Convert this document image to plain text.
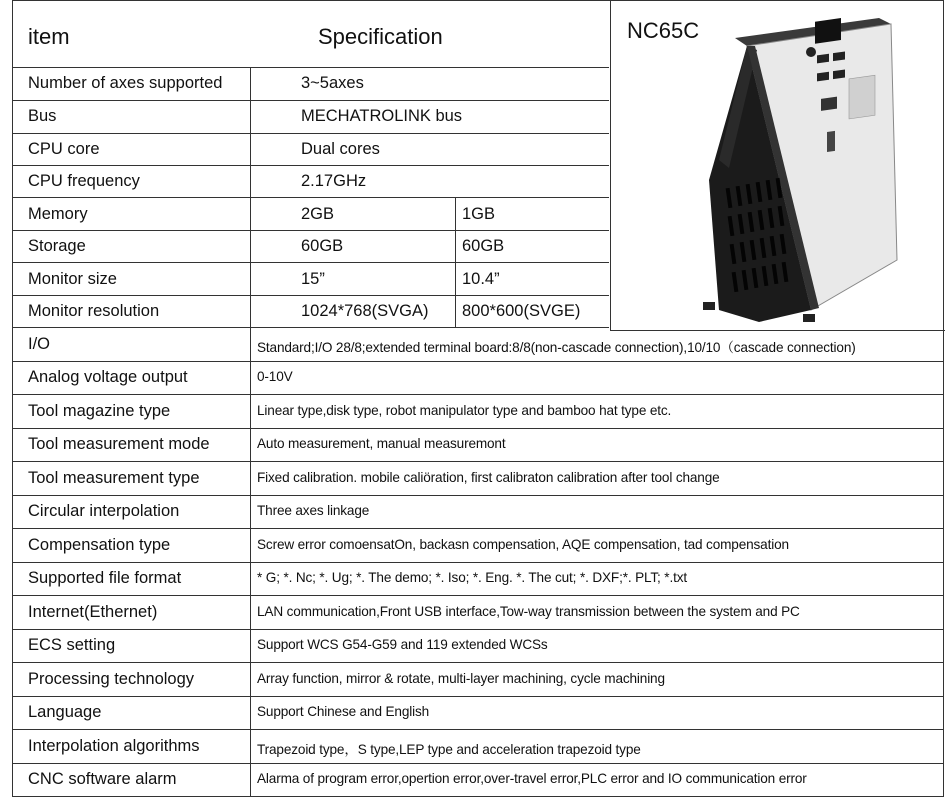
item	Specification	NC65C
Number of axes supported	3~5axes
Bus	MECHATROLINK bus
CPU core	Dual cores
CPU frequency	2.17GHz
Memory	2GB	1GB
Storage	60GB	60GB
Monitor size	15”	10.4”
Monitor resolution	1024*768(SVGA) 800*600(SVGE)
I/O	Standard;I/O 28/8;extended terminal board:8/8(non-cascade connection),10/10（cascade connection)
Analog voltage output	0-10V
Tool magazine type	Linear type,disk type, robot manipulator type and bamboo hat type etc.
Tool measurement mode	Auto measurement, manual measuremont
Tool measurement type	Fixed calibration. mobile caliöration, first calibraton calibration after tool change
Circular interpolation	Three axes linkage
Compensation type	Screw error comoensatOn, backasn compensation, AQE compensation, tad compensation
Supported file format	* G; *. Nc; *. Ug; *. The demo; *. Iso; *. Eng. *. The cut; *. DXF;*. PLT; *.txt
Internet(Ethernet)	LAN communication,Front USB interface,Tow-way transmission between the system and PC
ECS setting	Support WCS G54-G59 and 119 extended WCSs
Processing technology	Array function, mirror & rotate, multi-layer machining, cycle machining
Language	Support Chinese and English
Interpolation algorithms	Trapezoid type，S type,LEP type and acceleration trapezoid type
CNC software alarm	Alarma of program error,opertion error,over-travel error,PLC error and IO communication error
